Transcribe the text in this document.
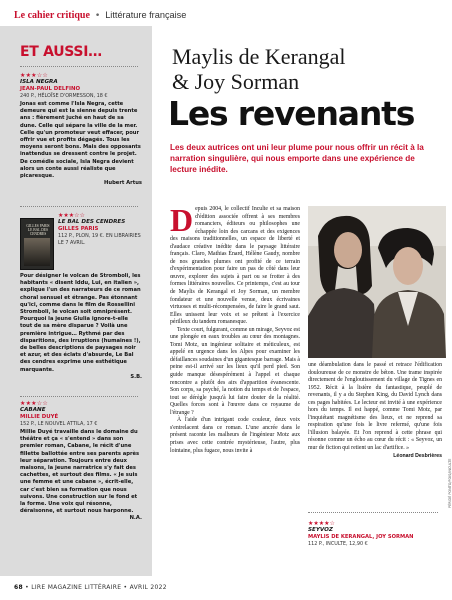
Le cahier critique • Littérature française
ET AUSSI…
★★★☆☆
ISLA NEGRA
JEAN-PAUL DELFINO
240 P., HÉLOÏSE D'ORMESSON, 18 €
Jonas est comme l'Isla Negra, cette demeure qui est la sienne depuis trente ans : fièrement juché en haut de sa dune. Celle qui sépare la ville de la mer. Celle qu'un promoteur veut effacer, pour offrir vue et profits dégagés. Tous les moyens seront bons. Mais des opposants inattendus se dressent contre le projet. De comédie sociale, Isla Negra devient alors un conte aussi réaliste que picaresque.
Hubert Artus
GILLES PARIS LE BAL DES CENDRES
★★★☆☆
LE BAL DES CENDRES
GILLES PARIS
112 P., PLON, 19 €. EN LIBRAIRIES LE 7 AVRIL.
Pour désigner le volcan de Stromboli, les habitants « disent Iddu, Lui, en italien », explique l'un des narrateurs de ce roman choral sensuel et étrange. Pas étonnant qu'ici, comme dans le film de Rossellini Stromboli, le volcan soit omniprésent. Pourquoi la jeune Giulia ignore-t-elle tout de sa mère disparue ? Voilà une première intrigue… Rythmé par des disparitions, des irruptions (humaines !), de belles descriptions de paysages noir et azur, et des éclats d'absurde, Le Bal des cendres exprime une esthétique marquante.
S.B.
★★★☆☆
CABANE
MILLIE DUYÉ
152 P., LE NOUVEL ATTILA, 17 €
Millie Duyé travaille dans le domaine du théâtre et ça « s'entend » dans son premier roman, Cabane, le récit d'une fillette ballottée entre ses parents après leur séparation. Toujours entre deux maisons, la jeune narratrice s'y fait des cachettes, et surtout des films. « Je suis une femme et une cabane », écrit-elle, car c'est bien sa formation que nous suivons. Une construction sur le fond et la forme. Une voix qui résonne, déraisonne, et surtout nous harponne.
N.A.
Maylis de Kerangal
& Joy Sorman
Les revenants
Les deux autrices ont uni leur plume pour nous offrir un récit à la narration singulière, qui nous emporte dans une expérience de lecture inédite.

Depuis 2004, le collectif Inculte et sa maison d'édition associée offrent à ses membres romanciers, éditeurs ou philosophes une échappée loin des carcans et des exigences des maisons traditionnelles, un espace de liberté et d'audace créative inédite dans le paysage littéraire français. Claro, Mathias Énard, Hélène Gaudy, nombre de nos grandes plumes ont profité de ce terrain d'expérimentation pour faire un pas de côté dans leur œuvre, explorer des sujets à part ou se frotter à des formes littéraires nouvelles. Ce printemps, c'est au tour de Maylis de Kerangal et Joy Sorman, un membre fondateur et une nouvelle venue, deux écrivaines virtuoses et multi-récompensées, de faire le grand saut. Elles unissent leur voix et se prêtent à l'exercice périlleux du tandem romanesque.

Texte court, fulgurant, comme un mirage, Seyvoz est une plongée en eaux troubles au cœur des montagnes. Tomi Motz, un ingénieur solitaire et méticuleux, est appelé en urgence dans les Alpes pour examiner les défaillances soudaines d'un gigantesque barrage. Mais à peine est-il arrivé sur les lieux qu'il perd pied. Son guide manque désespérément à l'appel et chaque rencontre a plutôt des airs d'apparition évanescente. Son corps, sa psyché, la notion du temps et de l'espace, tout se dérègle jusqu'à lui faire douter de la réalité. Quelles forces sont à l'œuvre dans ce royaume de l'étrange ?

À l'aide d'un intrigant code couleur, deux voix s'entrelacent dans ce roman. L'une ancrée dans le présent raconte les malheurs de l'ingénieur Motz aux prises avec cette contrée mystérieuse, l'autre, plus lointaine, plus fugace, nous invite à

une déambulation dans le passé et retrace l'édification douloureuse de ce monstre de béton. Une trame inspirée directement de l'engloutissement du village de Tignes en 1952. Récit à la lisière du fantastique, peuplé de revenants, il y a du Stephen King, du David Lynch dans ces pages habitées. Le lecteur est invité à une expérience hors du temps. Il est happé, comme Tomi Motz, par l'inquiétant magnétisme des lieux, et ne reprend sa respiration qu'une fois le livre refermé, qu'une fois l'illusion balayée. Et l'on reprend à cette phrase qui résonne comme un écho au cœur du récit : « Seyvoz, un mur de fiction qui retient un lac d'artifice. »

Léonard Desbrières

★★★★☆
SEYVOZ
MAYLIS DE KERANGAL, JOY SORMAN
112 P., INCULTE, 12,90 €
PÉRIDÉ PONTO/FOIS/INCULTE
68 • LIRE MAGAZINE LITTÉRAIRE • AVRIL 2022
